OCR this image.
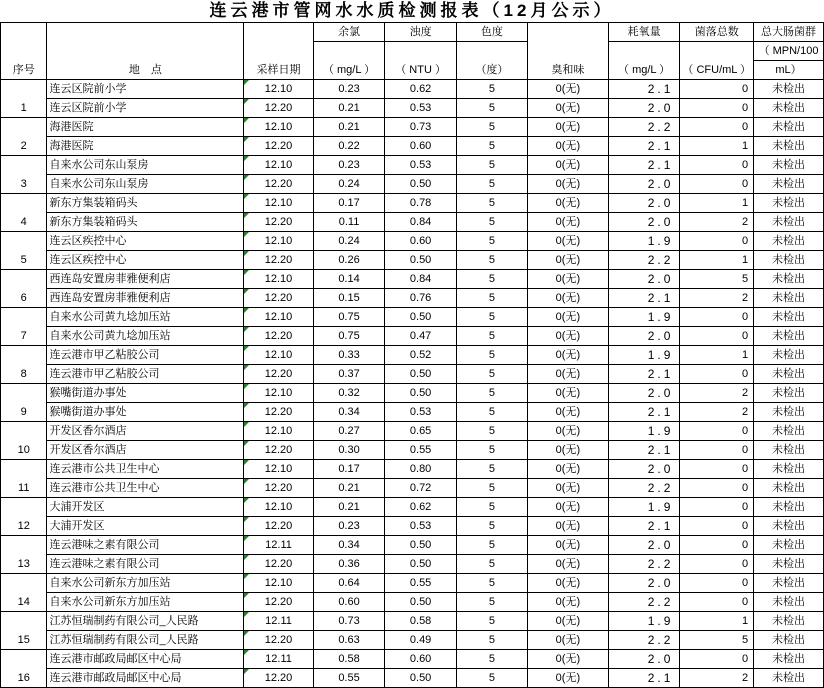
连云港市管网水水质检测报表（12月公示）
序号	地　点	采样日期	余氯	浊度	色度	臭和味	耗氧量	菌落总数	总大肠菌群
			（ mg/L ）	（ NTU ）	（度）		（ mg/L ）	（ CFU/mL ）	（ MPN/100
									mL）
1	连云区院前小学	12.10	0.23	0.62	5	0(无)	2.1	0	未检出
	连云区院前小学	12.20	0.21	0.53	5	0(无)	2.0	0	未检出
2	海港医院	12.10	0.21	0.73	5	0(无)	2.2	0	未检出
	海港医院	12.20	0.22	0.60	5	0(无)	2.1	1	未检出
3	自来水公司东山泵房	12.10	0.23	0.53	5	0(无)	2.1	0	未检出
	自来水公司东山泵房	12.20	0.24	0.50	5	0(无)	2.0	0	未检出
4	新东方集装箱码头	12.10	0.17	0.78	5	0(无)	2.0	1	未检出
	新东方集装箱码头	12.20	0.11	0.84	5	0(无)	2.0	2	未检出
5	连云区疾控中心	12.10	0.24	0.60	5	0(无)	1.9	0	未检出
	连云区疾控中心	12.20	0.26	0.50	5	0(无)	2.2	1	未检出
6	西连岛安置房菲雅便利店	12.10	0.14	0.84	5	0(无)	2.0	5	未检出
	西连岛安置房菲雅便利店	12.20	0.15	0.76	5	0(无)	2.1	2	未检出
7	自来水公司黄九埝加压站	12.10	0.75	0.50	5	0(无)	1.9	0	未检出
	自来水公司黄九埝加压站	12.20	0.75	0.47	5	0(无)	2.0	0	未检出
8	连云港市甲乙粘胶公司	12.10	0.33	0.52	5	0(无)	1.9	1	未检出
	连云港市甲乙粘胶公司	12.20	0.37	0.50	5	0(无)	2.1	0	未检出
9	猴嘴街道办事处	12.10	0.32	0.50	5	0(无)	2.0	2	未检出
	猴嘴街道办事处	12.20	0.34	0.53	5	0(无)	2.1	2	未检出
10	开发区香尔酒店	12.10	0.27	0.65	5	0(无)	1.9	0	未检出
	开发区香尔酒店	12.20	0.30	0.55	5	0(无)	2.1	0	未检出
11	连云港市公共卫生中心	12.10	0.17	0.80	5	0(无)	2.0	0	未检出
	连云港市公共卫生中心	12.20	0.21	0.72	5	0(无)	2.2	0	未检出
12	大浦开发区	12.10	0.21	0.62	5	0(无)	1.9	0	未检出
	大浦开发区	12.20	0.23	0.53	5	0(无)	2.1	0	未检出
13	连云港味之素有限公司	12.11	0.34	0.50	5	0(无)	2.0	0	未检出
	连云港味之素有限公司	12.20	0.36	0.50	5	0(无)	2.2	0	未检出
14	自来水公司新东方加压站	12.10	0.64	0.55	5	0(无)	2.0	0	未检出
	自来水公司新东方加压站	12.20	0.60	0.50	5	0(无)	2.2	0	未检出
15	江苏恒瑞制药有限公司_人民路	12.11	0.73	0.58	5	0(无)	1.9	1	未检出
	江苏恒瑞制药有限公司_人民路	12.20	0.63	0.49	5	0(无)	2.2	5	未检出
16	连云港市邮政局邮区中心局	12.11	0.58	0.60	5	0(无)	2.0	0	未检出
	连云港市邮政局邮区中心局	12.20	0.55	0.50	5	0(无)	2.1	2	未检出
